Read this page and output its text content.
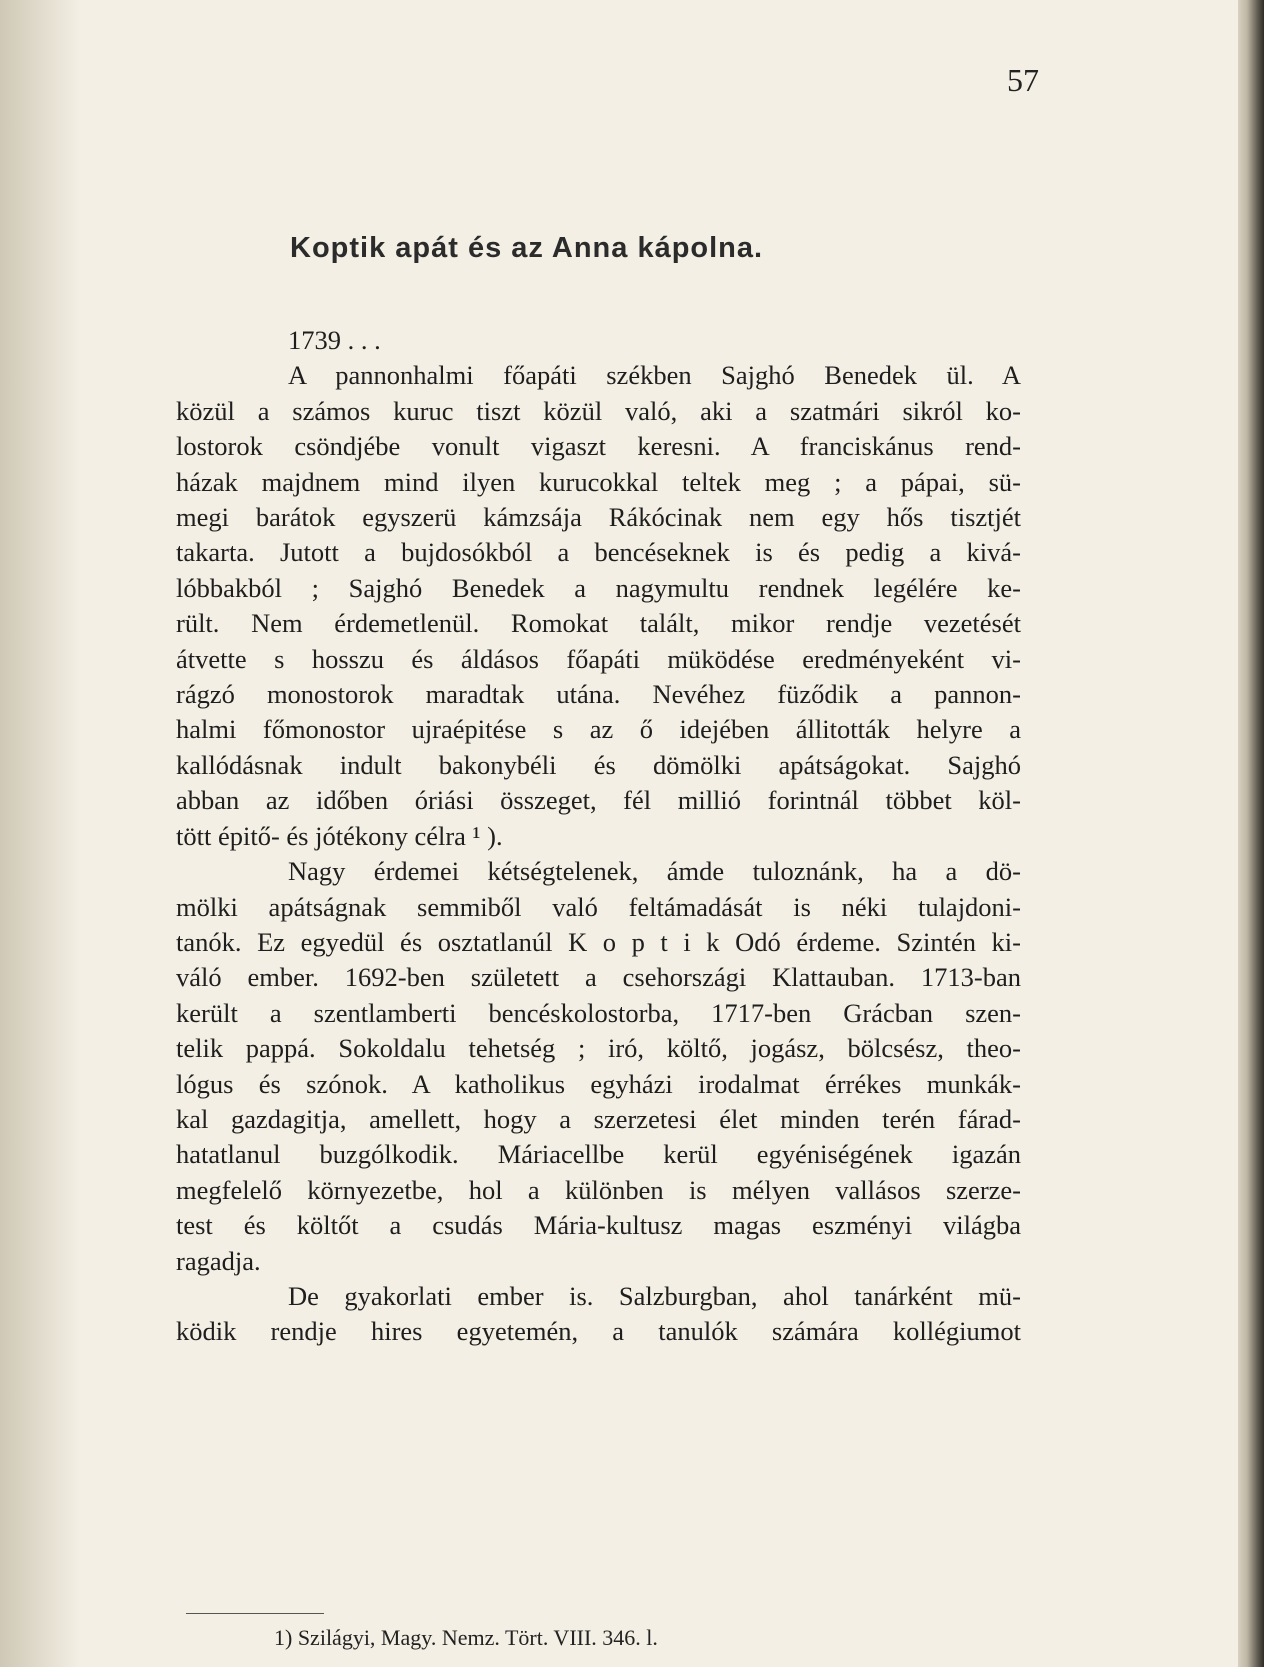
57
Koptik apát és az Anna kápolna.
1739 . . .
A pannonhalmi főapáti székben Sajghó Benedek ül. A
közül a számos kuruc tiszt közül való, aki a szatmári sikról ko-
lostorok csöndjébe vonult vigaszt keresni. A franciskánus rend-
házak majdnem mind ilyen kurucokkal teltek meg ; a pápai, sü-
megi barátok egyszerü kámzsája Rákócinak nem egy hős tisztjét
takarta. Jutott a bujdosókból a bencéseknek is és pedig a kivá-
lóbbakból ; Sajghó Benedek a nagymultu rendnek legélére ke-
rült. Nem érdemetlenül. Romokat talált, mikor rendje vezetését
átvette s hosszu és áldásos főapáti müködése eredményeként vi-
rágzó monostorok maradtak utána. Nevéhez füződik a pannon-
halmi főmonostor ujraépitése s az ő idejében állitották helyre a
kallódásnak indult bakonybéli és dömölki apátságokat. Sajghó
abban az időben óriási összeget, fél millió forintnál többet köl-
tött épitő- és jótékony célra ¹ ).
Nagy érdemei kétségtelenek, ámde tuloznánk, ha a dö-
mölki apátságnak semmiből való feltámadását is néki tulajdoni-
tanók. Ez egyedül és osztatlanúl K o p t i k Odó érdeme. Szintén ki-
váló ember. 1692-ben született a csehországi Klattauban. 1713-ban
került a szentlamberti bencéskolostorba, 1717-ben Grácban szen-
telik pappá. Sokoldalu tehetség ; iró, költő, jogász, bölcsész, theo-
lógus és szónok. A katholikus egyházi irodalmat érrékes munkák-
kal gazdagitja, amellett, hogy a szerzetesi élet minden terén fárad-
hatatlanul buzgólkodik. Máriacellbe kerül egyéniségének igazán
megfelelő környezetbe, hol a különben is mélyen vallásos szerze-
test és költőt a csudás Mária-kultusz magas eszményi világba
ragadja.
De gyakorlati ember is. Salzburgban, ahol tanárként mü-
ködik rendje hires egyetemén, a tanulók számára kollégiumot
1) Szilágyi, Magy. Nemz. Tört. VIII. 346. l.
